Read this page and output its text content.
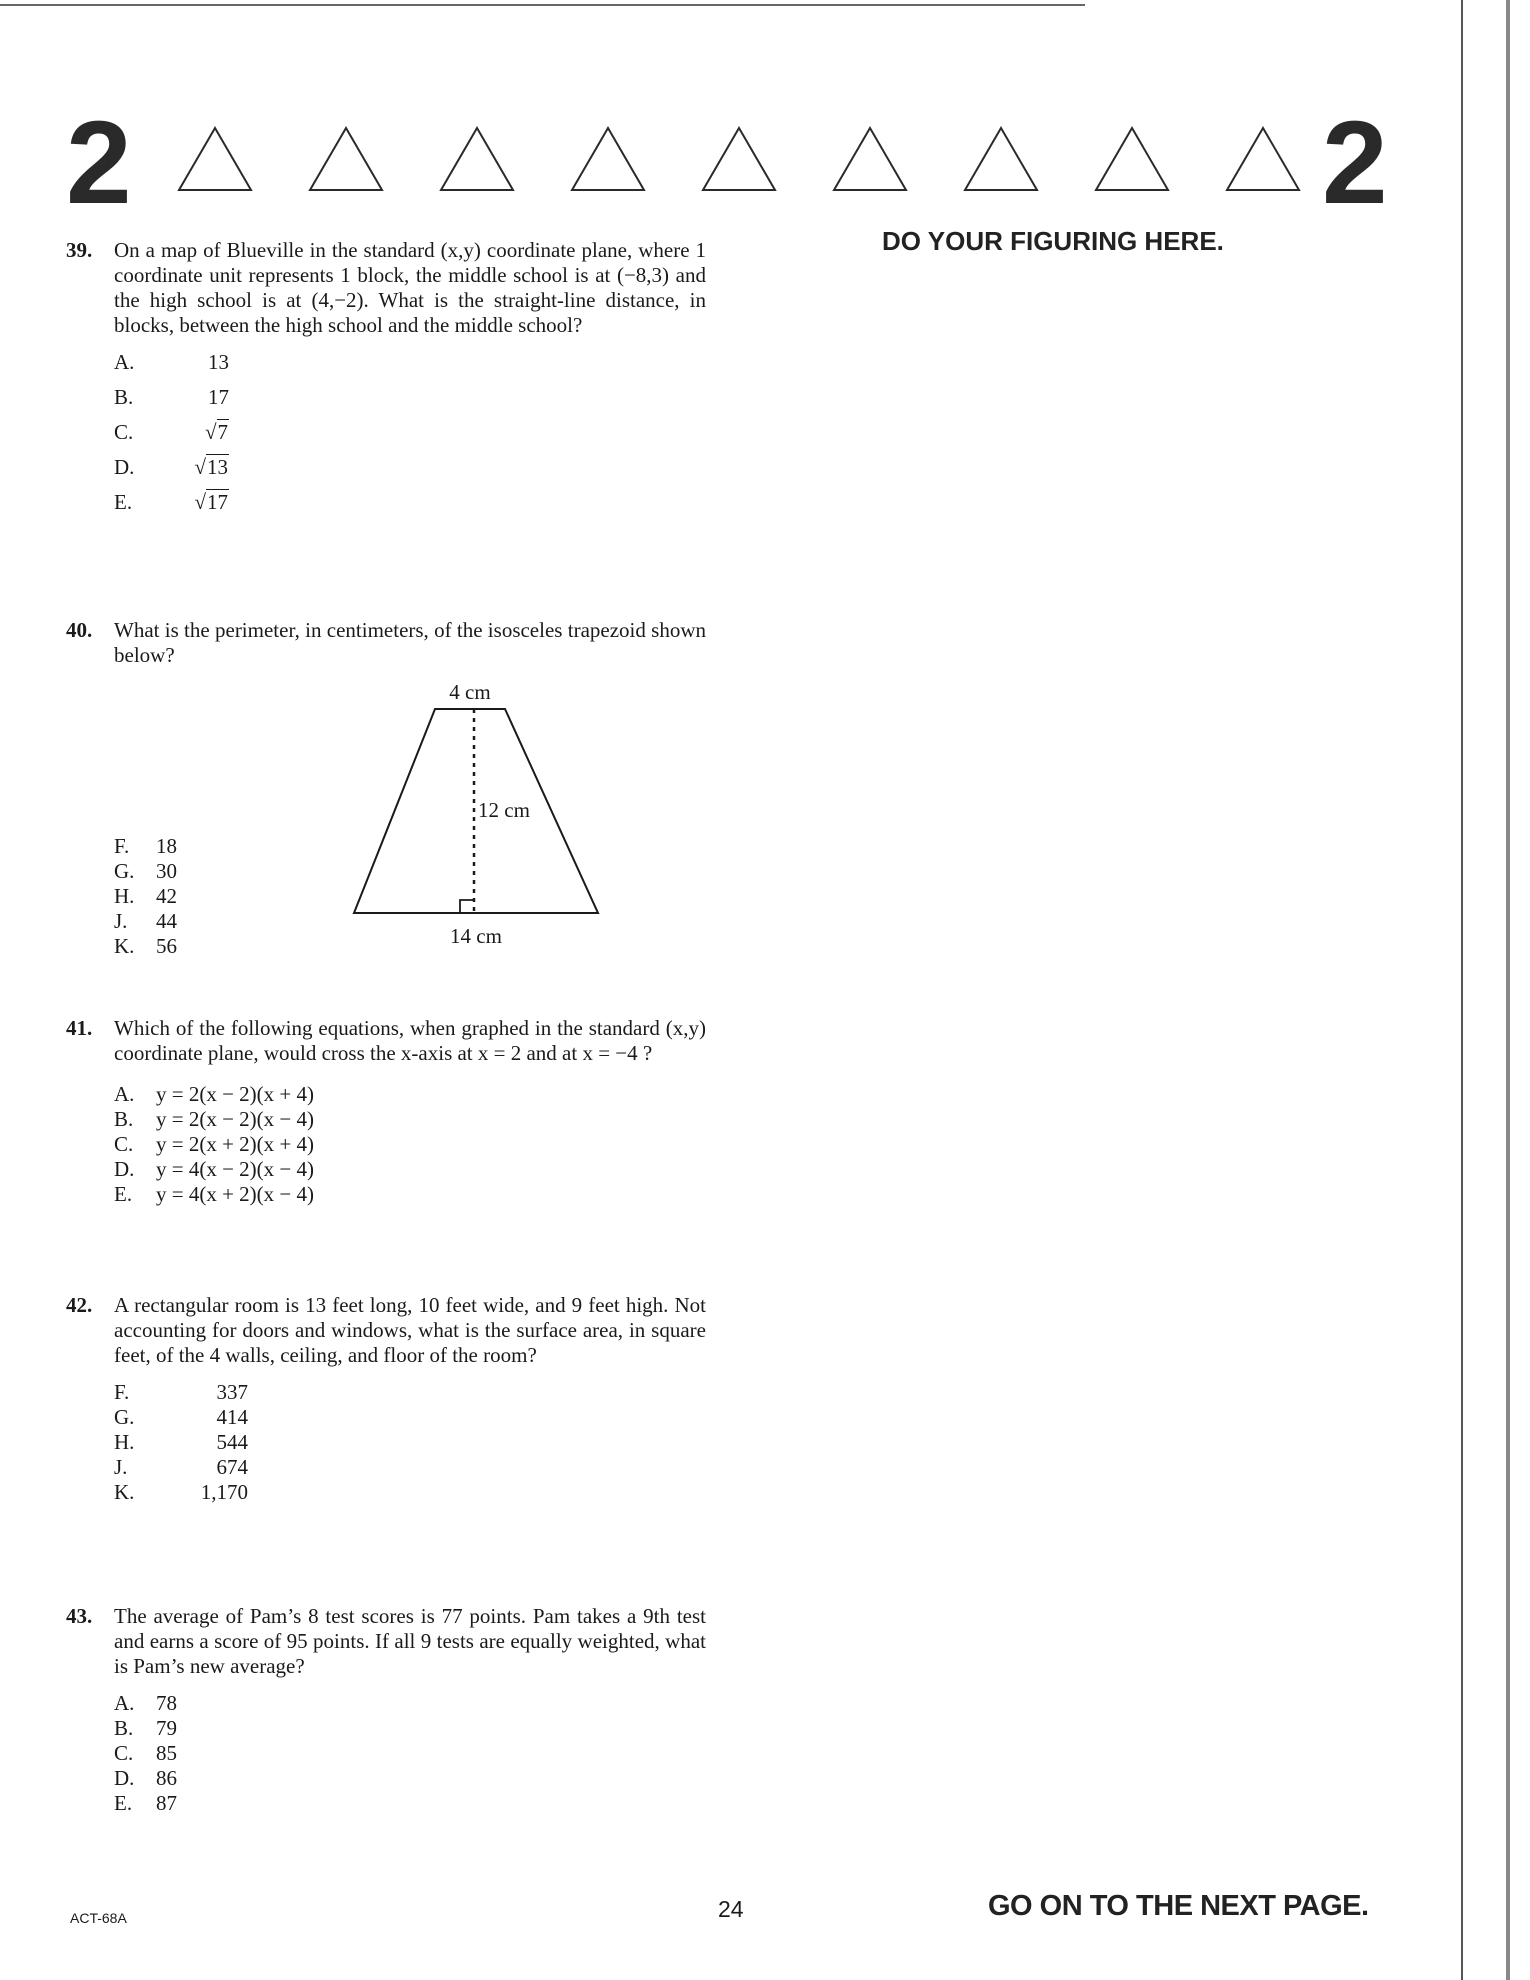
2	2
DO YOUR FIGURING HERE.
39. On a map of Blueville in the standard (x,y) coordinate plane, where 1 coordinate unit represents 1 block, the middle school is at (−8,3) and the high school is at (4,−2). What is the straight-line distance, in blocks, between the high school and the middle school?
A.	13
B.	17
C.	√7
D.	√13
E.	√17
40. What is the perimeter, in centimeters, of the isosceles trapezoid shown below?
F. 18
G. 30
H. 42
J. 44
K. 56
4 cm
12 cm
14 cm
41. Which of the following equations, when graphed in the standard (x,y) coordinate plane, would cross the x-axis at x = 2 and at x = −4 ?
A. y = 2(x − 2)(x + 4)
B. y = 2(x − 2)(x − 4)
C. y = 2(x + 2)(x + 4)
D. y = 4(x − 2)(x − 4)
E. y = 4(x + 2)(x − 4)
42. A rectangular room is 13 feet long, 10 feet wide, and 9 feet high. Not accounting for doors and windows, what is the surface area, in square feet, of the 4 walls, ceiling, and floor of the room?
F.	337
G.	414
H.	544
J.	674
K.	1,170
43. The average of Pam’s 8 test scores is 77 points. Pam takes a 9th test and earns a score of 95 points. If all 9 tests are equally weighted, what is Pam’s new average?
A. 78
B. 79
C. 85
D. 86
E. 87
ACT-68A	24	GO ON TO THE NEXT PAGE.
